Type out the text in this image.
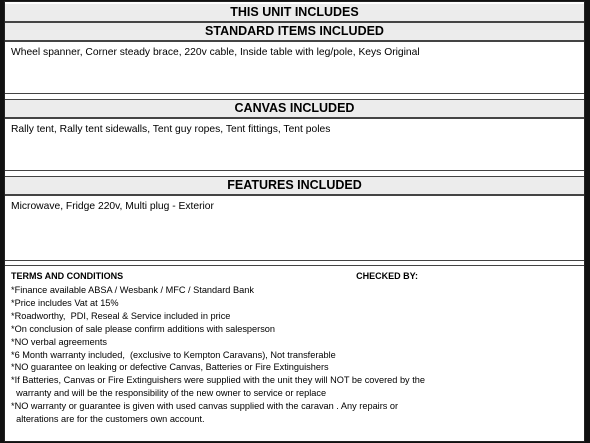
THIS UNIT INCLUDES
STANDARD ITEMS INCLUDED
Wheel spanner, Corner steady brace, 220v cable, Inside table with leg/pole, Keys Original
CANVAS INCLUDED
Rally tent, Rally tent sidewalls, Tent guy ropes, Tent fittings, Tent poles
FEATURES INCLUDED
Microwave, Fridge 220v, Multi plug - Exterior
TERMS AND CONDITIONS	CHECKED BY:
*Finance available ABSA / Wesbank / MFC / Standard Bank
*Price includes Vat at 15%
*Roadworthy,  PDI, Reseal & Service included in price
*On conclusion of sale please confirm additions with salesperson
*NO verbal agreements
*6 Month warranty included,  (exclusive to Kempton Caravans), Not transferable
*NO guarantee on leaking or defective Canvas, Batteries or Fire Extinguishers
*If Batteries, Canvas or Fire Extinguishers were supplied with the unit they will NOT be covered by the
warranty and will be the responsibility of the new owner to service or replace
*NO warranty or guarantee is given with used canvas supplied with the caravan . Any repairs or
alterations are for the customers own account.
